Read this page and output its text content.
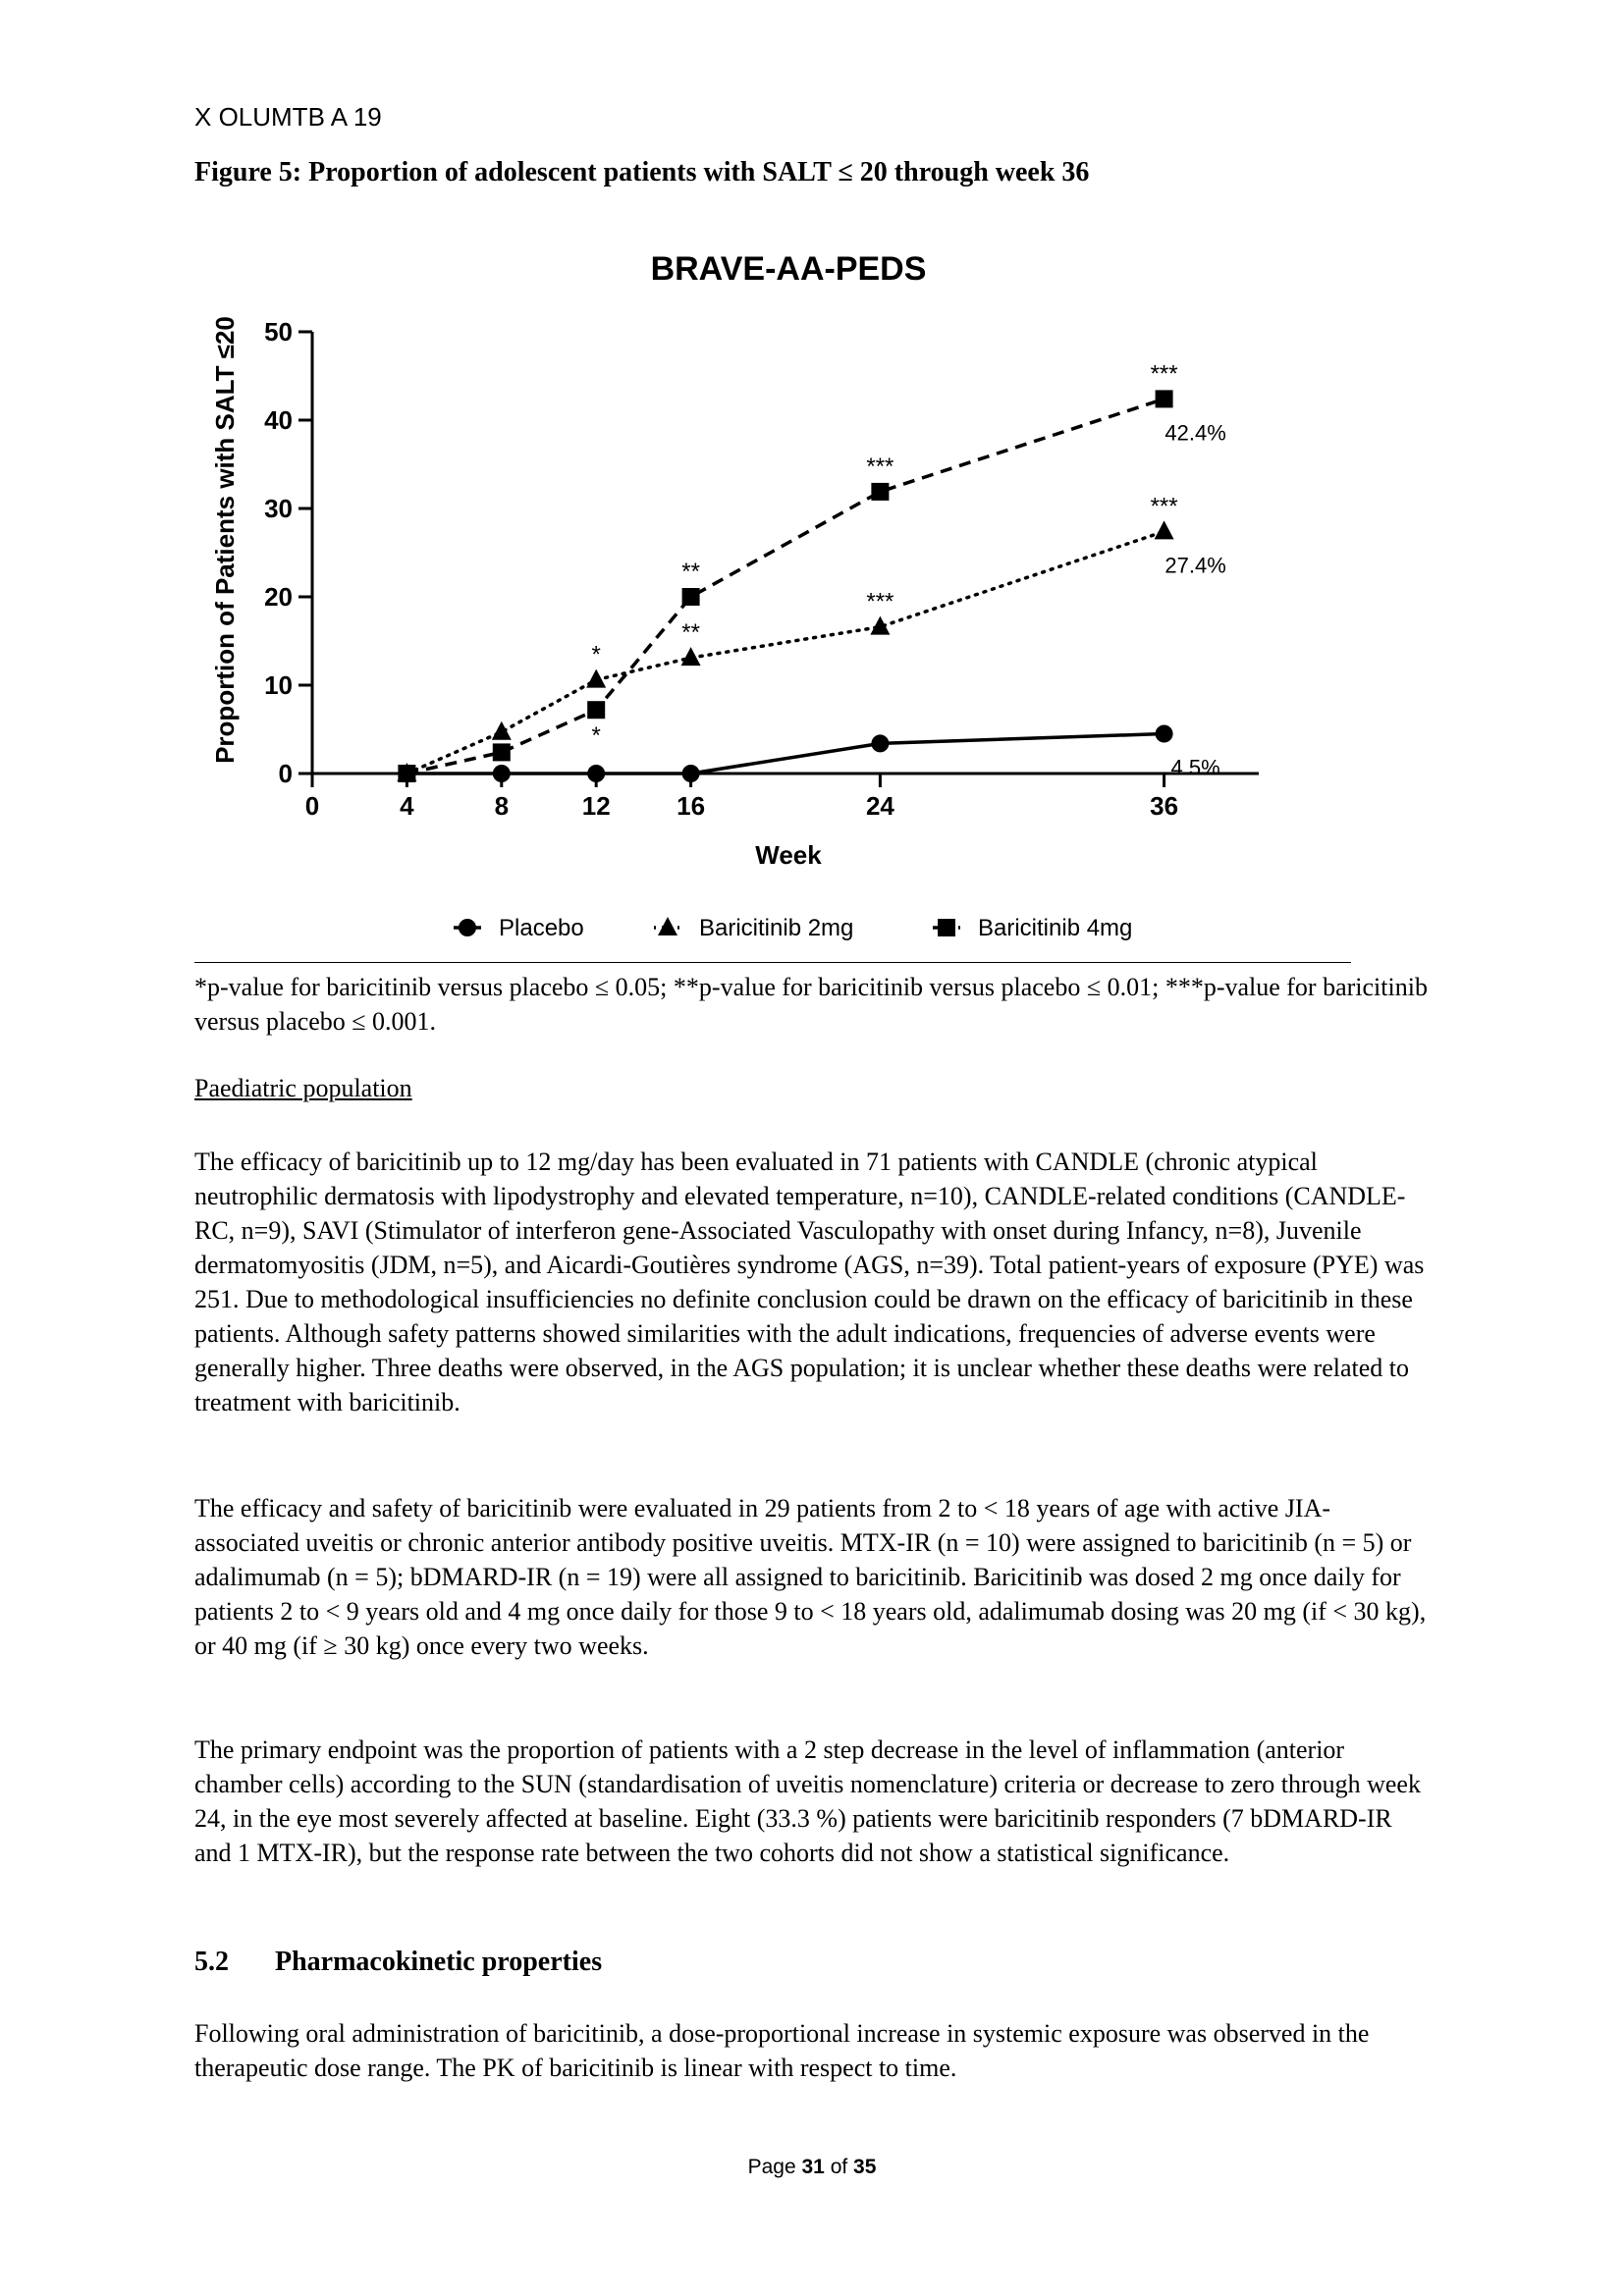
X OLUMTB A 19
Figure 5: Proportion of adolescent patients with SALT ≤ 20 through week 36
BRAVE-AA-PEDS
Proportion of Patients with SALT ≤20
Week
0
10
20
30
40
50
0	4	8	12	16	24	36
4.5%
*
**
***
***
27.4%
*
**
***
***
42.4%
Placebo	Baricitinib 2mg	Baricitinib 4mg
*p-value for baricitinib versus placebo ≤ 0.05; **p-value for baricitinib versus placebo ≤ 0.01; ***p-value for baricitinib versus placebo ≤ 0.001.
Paediatric population

The efficacy of baricitinib up to 12 mg/day has been evaluated in 71 patients with CANDLE (chronic atypical neutrophilic dermatosis with lipodystrophy and elevated temperature, n=10), CANDLE-related conditions (CANDLE-RC, n=9), SAVI (Stimulator of interferon gene-Associated Vasculopathy with onset during Infancy, n=8), Juvenile dermatomyositis (JDM, n=5), and Aicardi-Goutières syndrome (AGS, n=39). Total patient-years of exposure (PYE) was 251. Due to methodological insufficiencies no definite conclusion could be drawn on the efficacy of baricitinib in these patients. Although safety patterns showed similarities with the adult indications, frequencies of adverse events were generally higher. Three deaths were observed, in the AGS population; it is unclear whether these deaths were related to treatment with baricitinib.

The efficacy and safety of baricitinib were evaluated in 29 patients from 2 to < 18 years of age with active JIA-associated uveitis or chronic anterior antibody positive uveitis. MTX-IR (n = 10) were assigned to baricitinib (n = 5) or adalimumab (n = 5); bDMARD-IR (n = 19) were all assigned to baricitinib. Baricitinib was dosed 2 mg once daily for patients 2 to < 9 years old and 4 mg once daily for those 9 to < 18 years old, adalimumab dosing was 20 mg (if < 30 kg), or 40 mg (if ≥ 30 kg) once every two weeks.

The primary endpoint was the proportion of patients with a 2 step decrease in the level of inflammation (anterior chamber cells) according to the SUN (standardisation of uveitis nomenclature) criteria or decrease to zero through week 24, in the eye most severely affected at baseline. Eight (33.3 %) patients were baricitinib responders (7 bDMARD-IR and 1 MTX-IR), but the response rate between the two cohorts did not show a statistical significance.

5.2 Pharmacokinetic properties

Following oral administration of baricitinib, a dose-proportional increase in systemic exposure was observed in the therapeutic dose range. The PK of baricitinib is linear with respect to time.

Page 31 of 35
